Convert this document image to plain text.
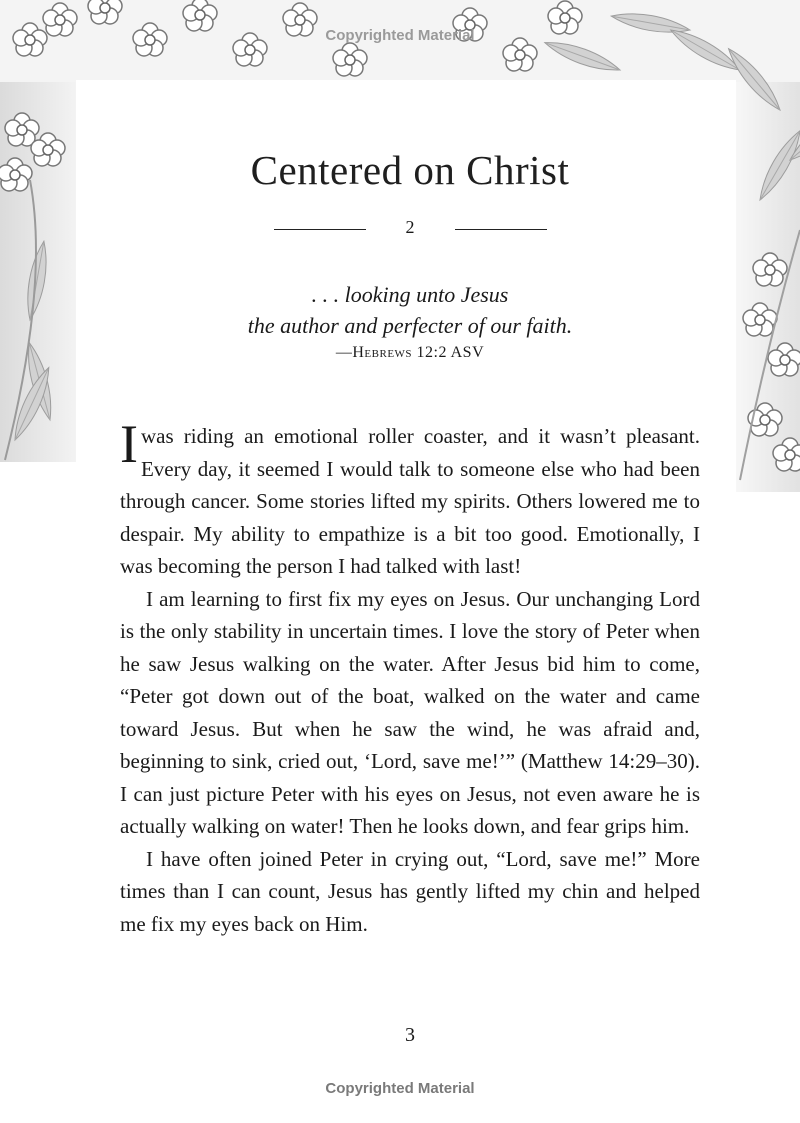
Copyrighted Material
Centered on Christ
2
. . . looking unto Jesus
the author and perfecter of our faith.
—Hebrews 12:2 ASV

I was riding an emotional roller coaster, and it wasn’t pleasant. Every day, it seemed I would talk to someone else who had been through cancer. Some stories lifted my spirits. Others lowered me to despair. My ability to empathize is a bit too good. Emotionally, I was becoming the person I had talked with last!

I am learning to first fix my eyes on Jesus. Our unchanging Lord is the only stability in uncertain times. I love the story of Peter when he saw Jesus walking on the water. After Jesus bid him to come, “Peter got down out of the boat, walked on the water and came toward Jesus. But when he saw the wind, he was afraid and, beginning to sink, cried out, ‘Lord, save me!’” (Matthew 14:29–30). I can just picture Peter with his eyes on Jesus, not even aware he is actually walking on water! Then he looks down, and fear grips him.

I have often joined Peter in crying out, “Lord, save me!” More times than I can count, Jesus has gently lifted my chin and helped me fix my eyes back on Him.

3
Copyrighted Material
